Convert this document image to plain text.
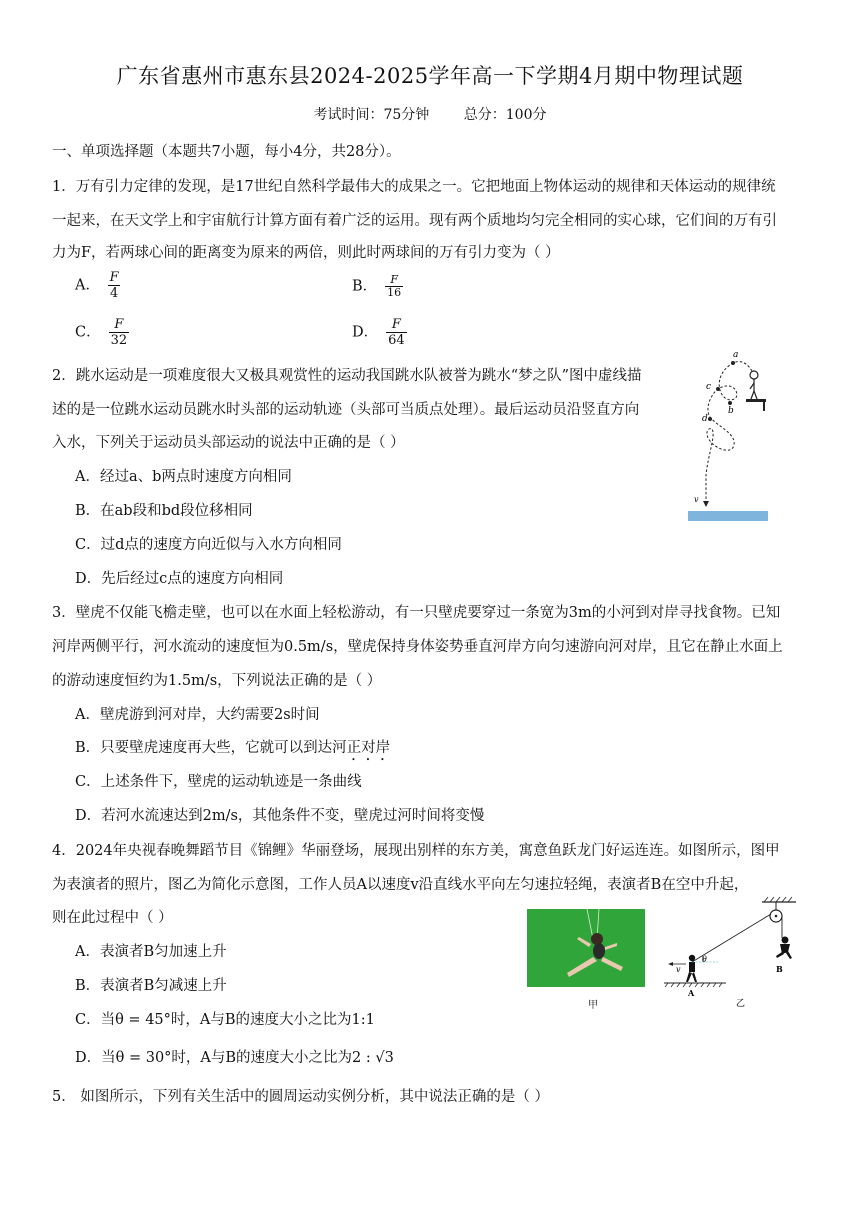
广东省惠州市惠东县2024-2025学年高一下学期4月期中物理试题
考试时间：75分钟 总分：100分
一、单项选择题（本题共7小题，每小4分，共28分）。
1．万有引力定律的发现，是17世纪自然科学最伟大的成果之一。它把地面上物体运动的规律和天体运动的规律统
一起来，在天文学上和宇宙航行计算方面有着广泛的运用。现有两个质地均匀完全相同的实心球，它们间的万有引
力为F，若两球心间的距离变为原来的两倍，则此时两球间的万有引力变为（ ）
A． $\frac{F}{4}$	B． $\frac{F}{16}$
C． $\frac{F}{32}$	D． $\frac{F}{64}$
2．跳水运动是一项难度很大又极具观赏性的运动我国跳水队被誉为跳水“梦之队”图中虚线描
述的是一位跳水运动员跳水时头部的运动轨迹（头部可当质点处理）。最后运动员沿竖直方向
入水，下列关于运动员头部运动的说法中正确的是（ ）
A．经过a、b两点时速度方向相同
B．在ab段和bd段位移相同
C．过d点的速度方向近似与入水方向相同
D．先后经过c点的速度方向相同
a
c
b
d
v
3．壁虎不仅能飞檐走壁，也可以在水面上轻松游动，有一只壁虎要穿过一条宽为3m的小河到对岸寻找食物。已知
河岸两侧平行，河水流动的速度恒为0.5m/s，壁虎保持身体姿势垂直河岸方向匀速游向河对岸，且它在静止水面上
的游动速度恒约为1.5m/s，下列说法正确的是（ ）
A．壁虎游到河对岸，大约需要2s时间
B．只要壁虎速度再大些，它就可以到达河正对岸
C．上述条件下，壁虎的运动轨迹是一条曲线
D．若河水流速达到2m/s，其他条件不变，壁虎过河时间将变慢
4．2024年央视春晚舞蹈节目《锦鲤》华丽登场，展现出别样的东方美，寓意鱼跃龙门好运连连。如图所示，图甲
为表演者的照片，图乙为简化示意图，工作人员A以速度v沿直线水平向左匀速拉轻绳，表演者B在空中升起，
则在此过程中（ ）
A．表演者B匀加速上升
B．表演者B匀减速上升
C．当θ = 45°时，A与B的速度大小之比为1:1
D．当θ = 30°时，A与B的速度大小之比为2 : √3
甲
B
θ
v
A
乙
5． 如图所示，下列有关生活中的圆周运动实例分析，其中说法正确的是（ ）
